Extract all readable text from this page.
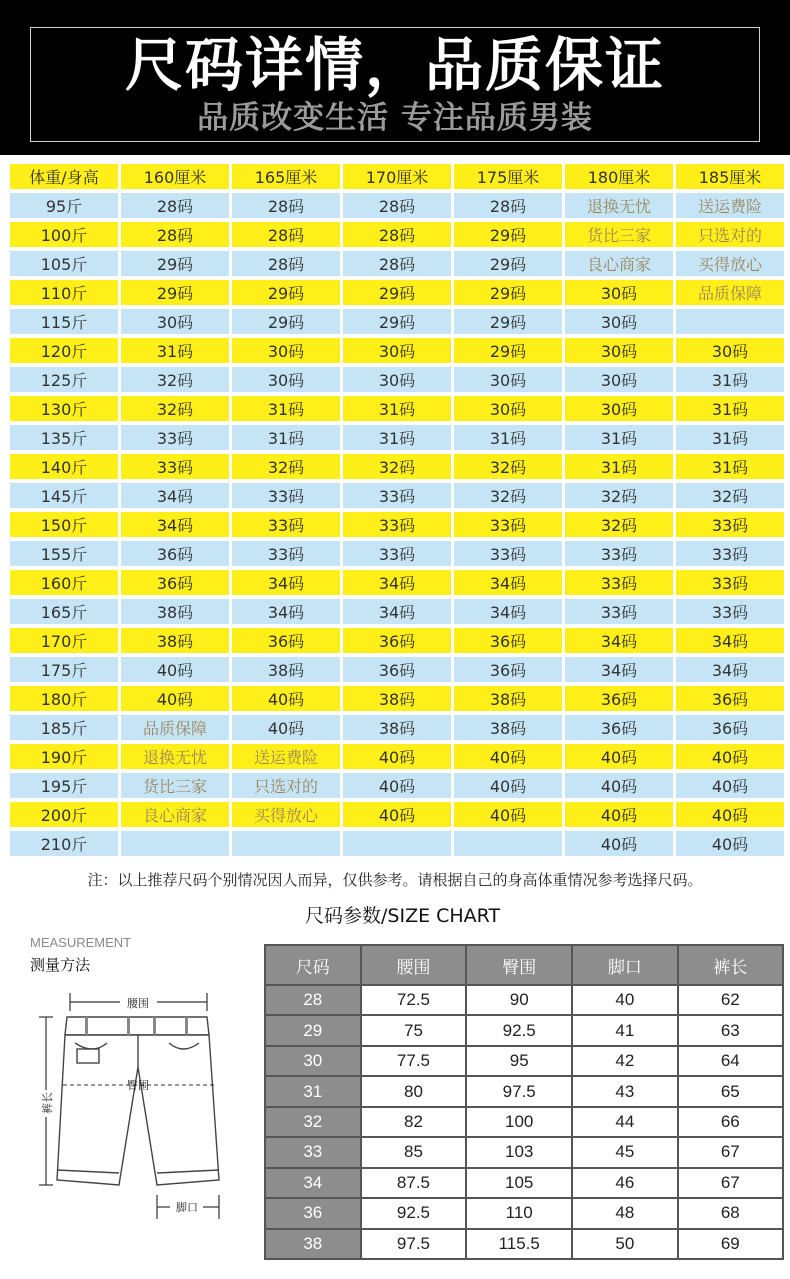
尺码详情，品质保证
品质改变生活 专注品质男装
体重/身高	160厘米	165厘米	170厘米	175厘米	180厘米	185厘米
95斤	28码	28码	28码	28码	退换无忧	送运费险
100斤	28码	28码	28码	29码	货比三家	只选对的
105斤	29码	28码	28码	29码	良心商家	买得放心
110斤	29码	29码	29码	29码	30码	品质保障
115斤	30码	29码	29码	29码	30码	
120斤	31码	30码	30码	29码	30码	30码
125斤	32码	30码	30码	30码	30码	31码
130斤	32码	31码	31码	30码	30码	31码
135斤	33码	31码	31码	31码	31码	31码
140斤	33码	32码	32码	32码	31码	31码
145斤	34码	33码	33码	32码	32码	32码
150斤	34码	33码	33码	33码	32码	33码
155斤	36码	33码	33码	33码	33码	33码
160斤	36码	34码	34码	34码	33码	33码
165斤	38码	34码	34码	34码	33码	33码
170斤	38码	36码	36码	36码	34码	34码
175斤	40码	38码	36码	36码	34码	34码
180斤	40码	40码	38码	38码	36码	36码
185斤	品质保障	40码	38码	38码	36码	36码
190斤	退换无忧	送运费险	40码	40码	40码	40码
195斤	货比三家	只选对的	40码	40码	40码	40码
200斤	良心商家	买得放心	40码	40码	40码	40码
210斤					40码	40码
注：以上推荐尺码个别情况因人而异，仅供参考。请根据自己的身高体重情况参考选择尺码。
尺码参数/SIZE CHART
MEASUREMENT
测量方法
腰围
臀围
裤长
脚口
尺码	腰围	臀围	脚口	裤长
28	72.5	90	40	62
29	75	92.5	41	63
30	77.5	95	42	64
31	80	97.5	43	65
32	82	100	44	66
33	85	103	45	67
34	87.5	105	46	67
36	92.5	110	48	68
38	97.5	115.5	50	69
